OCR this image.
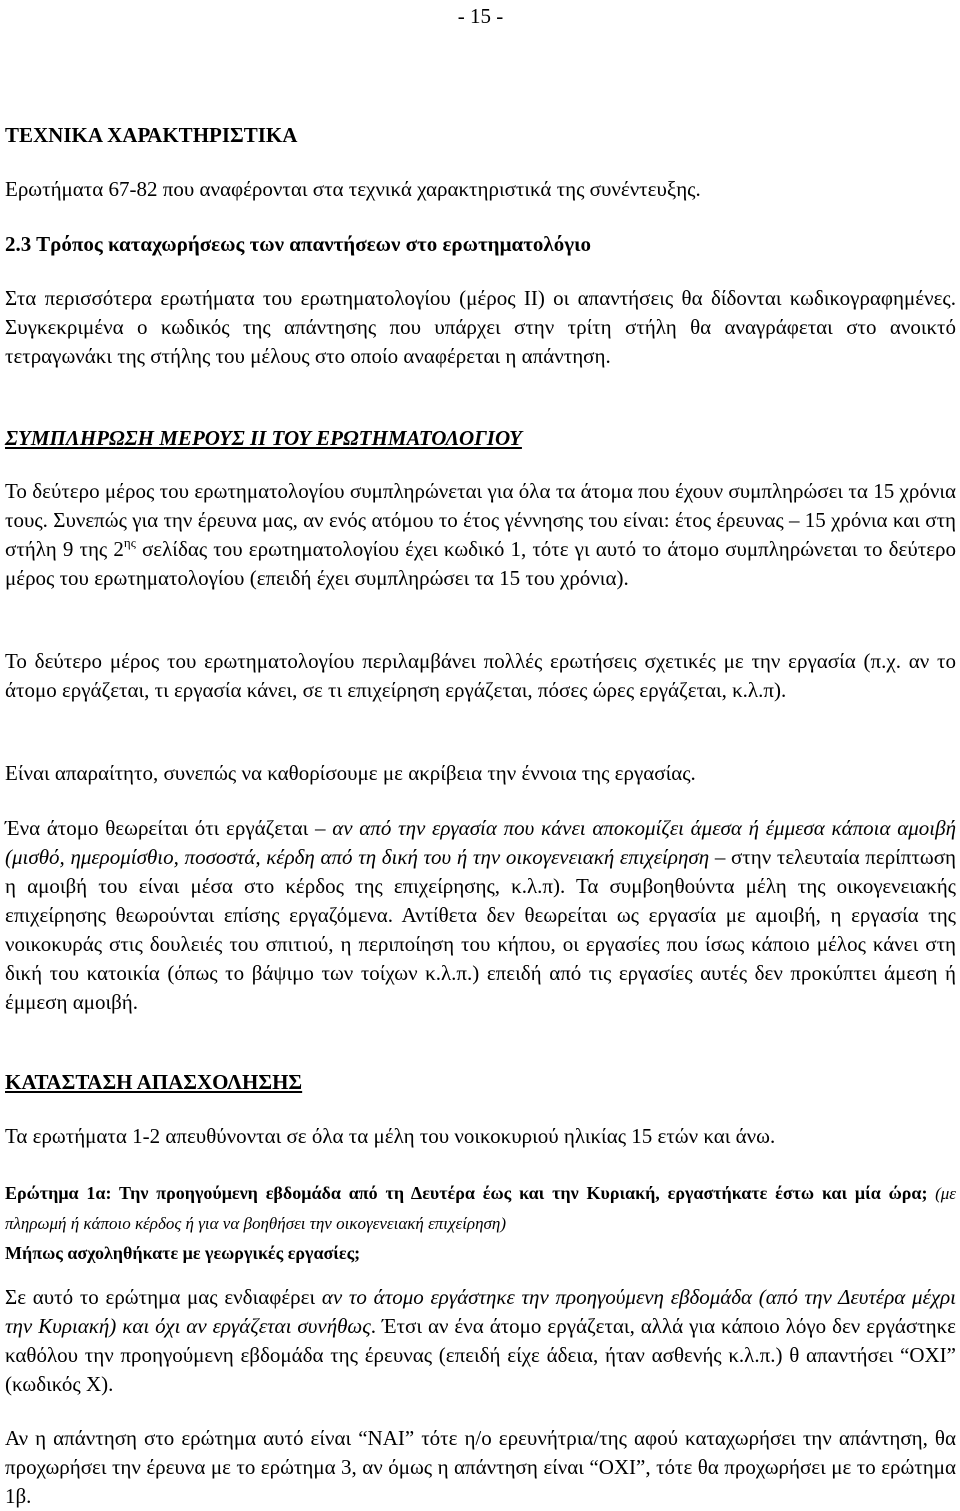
- 15 -
ΤΕΧΝΙΚΑ ΧΑΡΑΚΤΗΡΙΣΤΙΚΑ
Ερωτήματα 67-82 που αναφέρονται στα τεχνικά χαρακτηριστικά της συνέντευξης.
2.3 Τρόπος καταχωρήσεως των απαντήσεων στο ερωτηματολόγιο
Στα περισσότερα ερωτήματα του ερωτηματολογίου (μέρος ΙΙ) οι απαντήσεις θα δίδονται κωδικογραφημένες. Συγκεκριμένα ο κωδικός της απάντησης που υπάρχει στην τρίτη στήλη θα αναγράφεται στο ανοικτό τετραγωνάκι της στήλης του μέλους στο οποίο αναφέρεται η απάντηση.
ΣΥΜΠΛΗΡΩΣΗ ΜΕΡΟΥΣ ΙΙ ΤΟΥ ΕΡΩΤΗΜΑΤΟΛΟΓΙΟΥ
Το δεύτερο μέρος του ερωτηματολογίου συμπληρώνεται για όλα τα άτομα που έχουν συμπληρώσει τα 15 χρόνια τους. Συνεπώς για την έρευνα μας, αν ενός ατόμου το έτος γέννησης του είναι: έτος έρευνας – 15 χρόνια και στη στήλη 9 της $2^{\eta\varsigma}$ σελίδας του ερωτηματολογίου έχει κωδικό 1, τότε γι αυτό το άτομο συμπληρώνεται το δεύτερο μέρος του ερωτηματολογίου (επειδή έχει συμπληρώσει τα 15 του χρόνια).
Το δεύτερο μέρος του ερωτηματολογίου περιλαμβάνει πολλές ερωτήσεις σχετικές με την εργασία (π.χ. αν το άτομο εργάζεται, τι εργασία κάνει, σε τι επιχείρηση εργάζεται, πόσες ώρες εργάζεται, κ.λ.π).
Είναι απαραίτητο, συνεπώς να καθορίσουμε με ακρίβεια την έννοια της εργασίας.
Ένα άτομο θεωρείται ότι εργάζεται – αν από την εργασία που κάνει αποκομίζει άμεσα ή έμμεσα κάποια αμοιβή (μισθό, ημερομίσθιο, ποσοστά, κέρδη από τη δική του ή την οικογενειακή επιχείρηση – στην τελευταία περίπτωση η αμοιβή του είναι μέσα στο κέρδος της επιχείρησης, κ.λ.π). Τα συμβοηθούντα μέλη της οικογενειακής επιχείρησης θεωρούνται επίσης εργαζόμενα. Αντίθετα δεν θεωρείται ως εργασία με αμοιβή, η εργασία της νοικοκυράς στις δουλειές του σπιτιού, η περιποίηση του κήπου, οι εργασίες που ίσως κάποιο μέλος κάνει στη δική του κατοικία (όπως το βάψιμο των τοίχων κ.λ.π.) επειδή από τις εργασίες αυτές δεν προκύπτει άμεση ή έμμεση αμοιβή.
ΚΑΤΑΣΤΑΣΗ ΑΠΑΣΧΟΛΗΣΗΣ
Τα ερωτήματα 1-2 απευθύνονται σε όλα τα μέλη του νοικοκυριού ηλικίας 15 ετών και άνω.
Ερώτημα 1α: Την προηγούμενη εβδομάδα από τη Δευτέρα έως και την Κυριακή, εργαστήκατε έστω και μία ώρα; (με πληρωμή ή κάποιο κέρδος ή για να βοηθήσει την οικογενειακή επιχείρηση)
Μήπως ασχοληθήκατε με γεωργικές εργασίες;
Σε αυτό το ερώτημα μας ενδιαφέρει αν το άτομο εργάστηκε την προηγούμενη εβδομάδα (από την Δευτέρα μέχρι την Κυριακή) και όχι αν εργάζεται συνήθως. Έτσι αν ένα άτομο εργάζεται, αλλά για κάποιο λόγο δεν εργάστηκε καθόλου την προηγούμενη εβδομάδα της έρευνας (επειδή είχε άδεια, ήταν ασθενής κ.λ.π.) θ απαντήσει “ΟΧΙ” (κωδικός Χ).
Αν η απάντηση στο ερώτημα αυτό είναι “ΝΑΙ” τότε η/ο ερευνήτρια/της αφού καταχωρήσει την απάντηση, θα προχωρήσει την έρευνα με το ερώτημα 3, αν όμως η απάντηση είναι “ΟΧΙ”, τότε θα προχωρήσει με το ερώτημα 1β.
